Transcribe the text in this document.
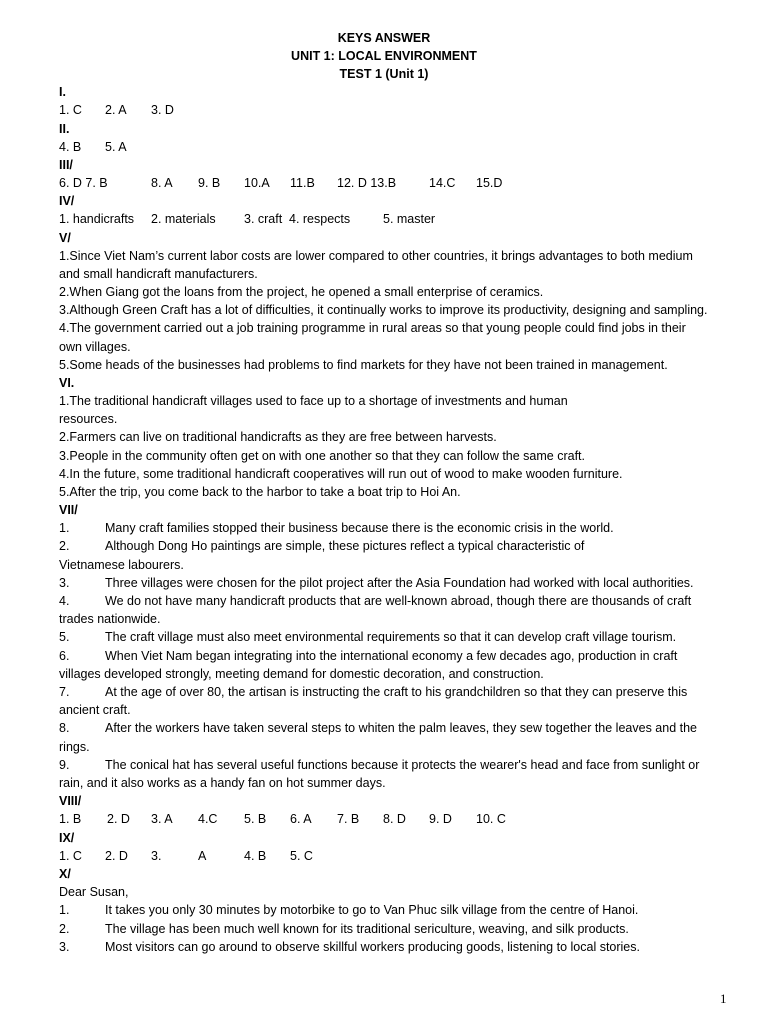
KEYS ANSWER
UNIT 1: LOCAL ENVIRONMENT
TEST 1 (Unit 1)
I.
1. C 2. A 3. D
II.
4. B 5. A
III/
6. D 7. B	8. A 9. B 10.A 11.B 12. D 13.B	14.C 15.D
IV/
1. handicrafts 2. materials 3. craft 4. respects	5. master
V/
1.Since Viet Nam’s current labor costs are lower compared to other countries, it brings advantages to both medium
and small handicraft manufacturers.
2.When Giang got the loans from the project, he opened a small enterprise of ceramics.
3.Although Green Craft has a lot of difficulties, it continually works to improve its productivity, designing and sampling.
4.The government carried out a job training programme in rural areas so that young people could find jobs in their
own villages.
5.Some heads of the businesses had problems to find markets for they have not been trained in management.
VI.
1.The traditional handicraft villages used to face up to a shortage of investments and human
resources.
2.Farmers can live on traditional handicrafts as they are free between harvests.
3.People in the community often get on with one another so that they can follow the same craft.
4.In the future, some traditional handicraft cooperatives will run out of wood to make wooden furniture.
5.After the trip, you come back to the harbor to take a boat trip to Hoi An.
VII/
1.	Many craft families stopped their business because there is the economic crisis in the world.
2.	Although Dong Ho paintings are simple, these pictures reflect a typical characteristic of
Vietnamese labourers.
3.	Three villages were chosen for the pilot project after the Asia Foundation had worked with local authorities.
4.	We do not have many handicraft products that are well-known abroad, though there are thousands of craft
trades nationwide.
5.	The craft village must also meet environmental requirements so that it can develop craft village tourism.
6.	When Viet Nam began integrating into the international economy a few decades ago, production in craft
villages developed strongly, meeting demand for domestic decoration, and construction.
7.	At the age of over 80, the artisan is instructing the craft to his grandchildren so that they can preserve this
ancient craft.
8.	After the workers have taken several steps to whiten the palm leaves, they sew together the leaves and the
rings.
9.	The conical hat has several useful functions because it protects the wearer's head and face from sunlight or
rain, and it also works as a handy fan on hot summer days.
VIII/
1. B 2. D 3. A 4.C 5. B 6. A 7. B 8. D 9. D 10. C
IX/
1. C 2. D 3.	A	4. B 5. C
X/
Dear Susan,
1.	It takes you only 30 minutes by motorbike to go to Van Phuc silk village from the centre of Hanoi.
2.	The village has been much well known for its traditional sericulture, weaving, and silk products.
3.	Most visitors can go around to observe skillful workers producing goods, listening to local stories.
1
